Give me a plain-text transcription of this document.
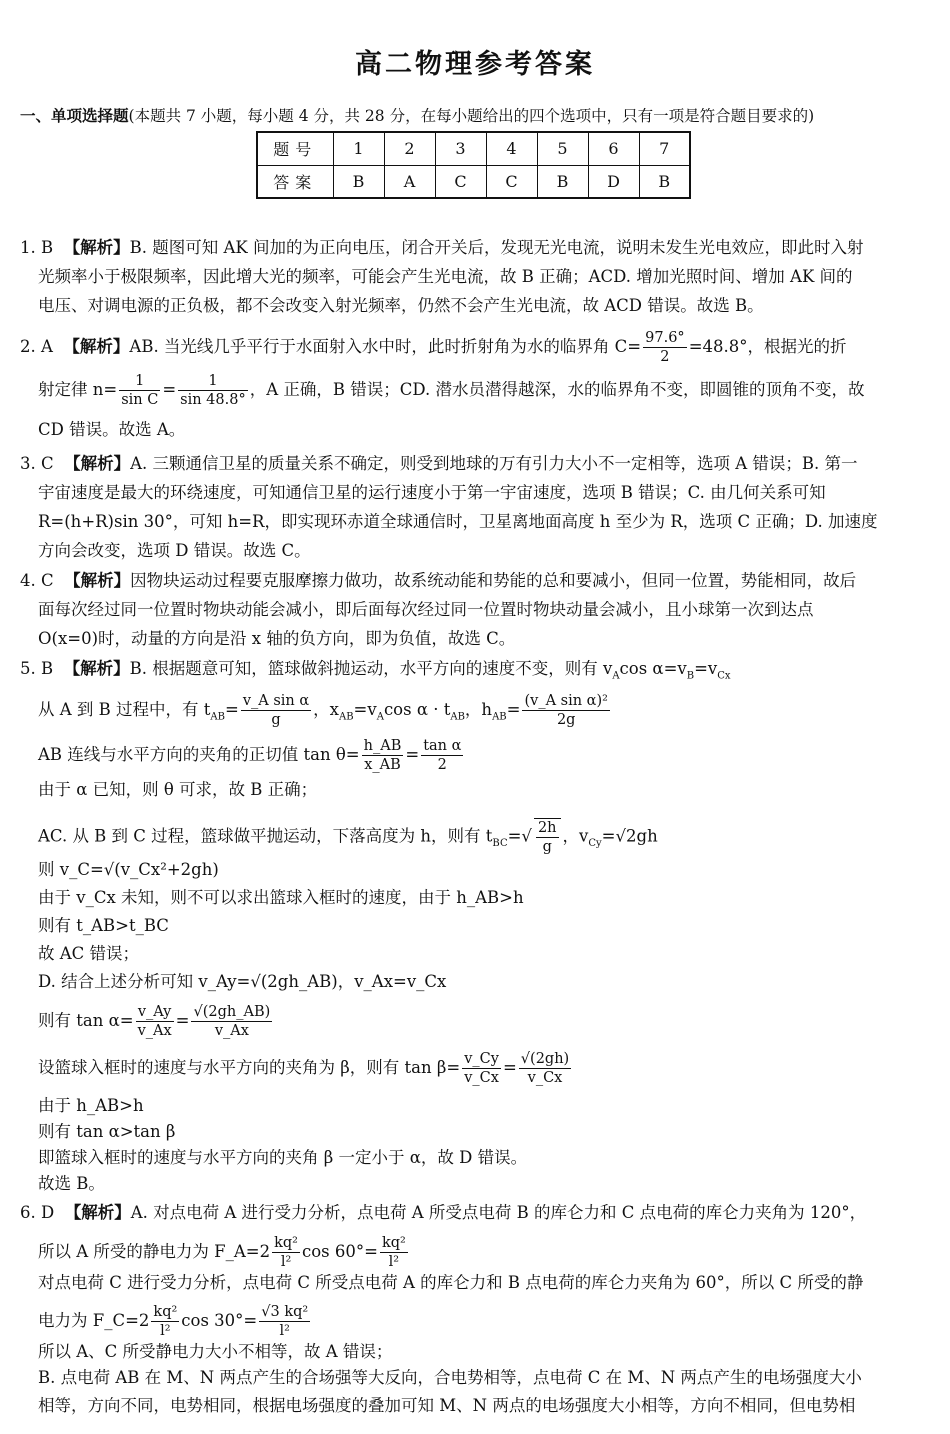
高二物理参考答案
一、单项选择题(本题共 7 小题，每小题 4 分，共 28 分，在每小题给出的四个选项中，只有一项是符合题目要求的)
题号	1	2	3	4	5	6	7
答案	B	A	C	C	B	D	B
1. B 【解析】B. 题图可知 AK 间加的为正向电压，闭合开关后，发现无光电流，说明未发生光电效应，即此时入射
光频率小于极限频率，因此增大光的频率，可能会产生光电流，故 B 正确；ACD. 增加光照时间、增加 AK 间的
电压、对调电源的正负极，都不会改变入射光频率，仍然不会产生光电流，故 ACD 错误。故选 B。
2. A 【解析】AB. 当光线几乎平行于水面射入水中时，此时折射角为水的临界角 $C= \frac{97.6^\circ}{2} =48.8^\circ$，根据光的折
射定律 $n= \frac{1}{\text{sin C}} = \frac{1}{\sin 48.8^\circ}$ ，A 正确，B 错误；CD. 潜水员潜得越深，水的临界角不变，即圆锥的顶角不变，故
CD 错误。故选 A。
3. C 【解析】A. 三颗通信卫星的质量关系不确定，则受到地球的万有引力大小不一定相等，选项 A 错误；B. 第一
宇宙速度是最大的环绕速度，可知通信卫星的运行速度小于第一宇宙速度，选项 B 错误；C. 由几何关系可知
R=(h+R)sin 30°，可知 h=R，即实现环赤道全球通信时，卫星离地面高度 h 至少为 R，选项 C 正确；D. 加速度
方向会改变，选项 D 错误。故选 C。
4. C 【解析】因物块运动过程要克服摩擦力做功，故系统动能和势能的总和要减小，但同一位置，势能相同，故后
面每次经过同一位置时物块动能会减小，即后面每次经过同一位置时物块动量会减小，且小球第一次到达点
O(x=0)时，动量的方向是沿 x 轴的负方向，即为负值，故选 C。
5. B 【解析】B. 根据题意可知，篮球做斜抛运动，水平方向的速度不变，则有 $v_A\cos$ $\alpha=v_B=v_{Cx}$
从 A 到 B 过程中，有 $t_{AB}= \frac{\text{v\_A sin α}}{g}$ ，$x_{AB}=v_A\cos$ $\alpha \cdot t_{AB}$，$h_{AB}= \frac{\text{(v\_A sin α)²}}{2g}$
AB 连线与水平方向的夹角的正切值 $\tan \theta= \frac{h\_AB}{x\_AB} = \frac{\text{tan α}}{2}$
由于 α 已知，则 θ 可求，故 B 正确；
AC. 从 B 到 C 过程，篮球做平抛运动，下落高度为 h，则有 $t_{BC}=√ \frac{2h}{g}$ ，$v_{Cy}=√2gh$
则 v_C=√(v_Cx²+2gh)
由于 v_Cx 未知，则不可以求出篮球入框时的速度，由于 h_AB>h
则有 t_AB>t_BC
故 AC 错误；
D. 结合上述分析可知 v_Ay=√(2gh_AB)，v_Ax=v_Cx
则有 $\tan \alpha= \frac{v\_Ay}{v\_Ax} = \frac{√(2gh\_AB)}{v\_Ax}$
设篮球入框时的速度与水平方向的夹角为 β，则有 $\tan \beta= \frac{v\_Cy}{v\_Cx} = \frac{√(2gh)}{v\_Cx}$
由于 h_AB>h
则有 tan α>tan β
即篮球入框时的速度与水平方向的夹角 β 一定小于 α，故 D 错误。
故选 B。
6. D 【解析】A. 对点电荷 A 进行受力分析，点电荷 A 所受点电荷 B 的库仑力和 C 点电荷的库仑力夹角为 120°，
所以 A 所受的静电力为 F_A=2 $\frac{\text{kq²}}{\text{l²}}$ $\cos 60^\circ= \frac{\text{kq²}}{\text{l²}}$
对点电荷 C 进行受力分析，点电荷 C 所受点电荷 A 的库仑力和 B 点电荷的库仑力夹角为 60°，所以 C 所受的静
电力为 F_C=2 $\frac{\text{kq²}}{\text{l²}}$ $\cos 30^\circ= \frac{\text{√3 kq²}}{\text{l²}}$
所以 A、C 所受静电力大小不相等，故 A 错误；
B. 点电荷 AB 在 M、N 两点产生的合场强等大反向，合电势相等，点电荷 C 在 M、N 两点产生的电场强度大小
相等，方向不同，电势相同，根据电场强度的叠加可知 M、N 两点的电场强度大小相等，方向不相同，但电势相
